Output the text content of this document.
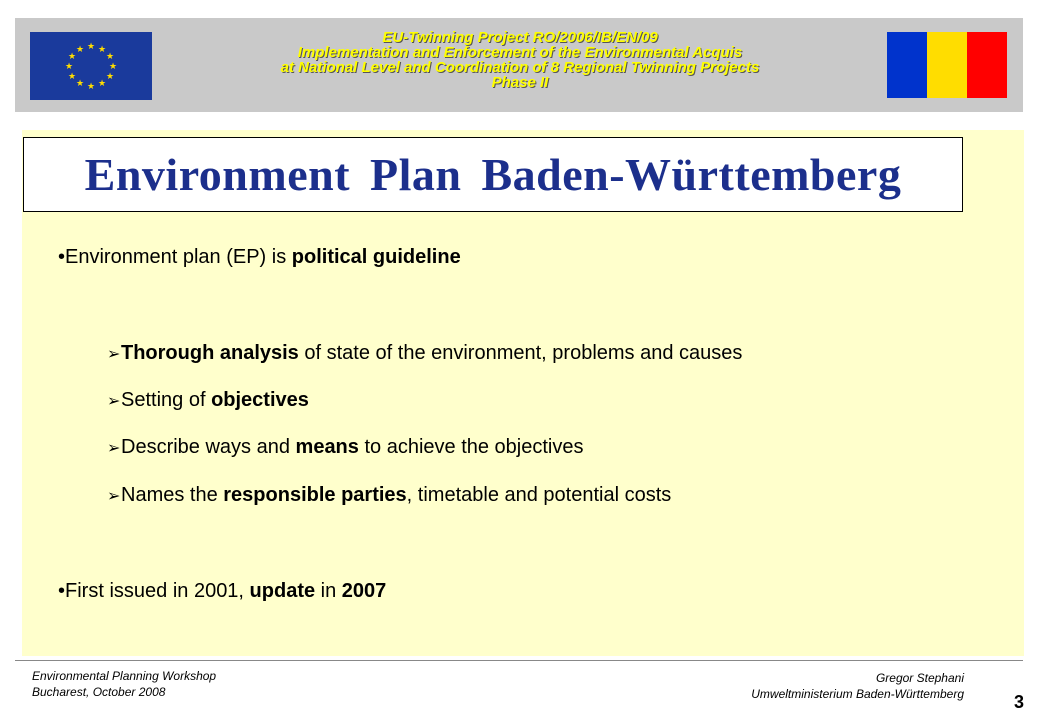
★ ★
★
★
★
★
★
★
★
★
★
★
EU-Twinning Project RO/2006/IB/EN/09
Implementation and Enforcement of the Environmental Acquis
at National Level and Coordination of 8 Regional Twinning Projects
Phase II
Environment Plan Baden-Württemberg
•Environment plan (EP) is political guideline
➢Thorough analysis of state of the environment, problems and causes
➢Setting of objectives
➢Describe ways and means to achieve the objectives
➢Names the responsible parties, timetable and potential costs
•First issued in 2001, update in 2007
Environmental Planning Workshop
Bucharest, October 2008
Gregor Stephani
Umweltministerium Baden-Württemberg	3
